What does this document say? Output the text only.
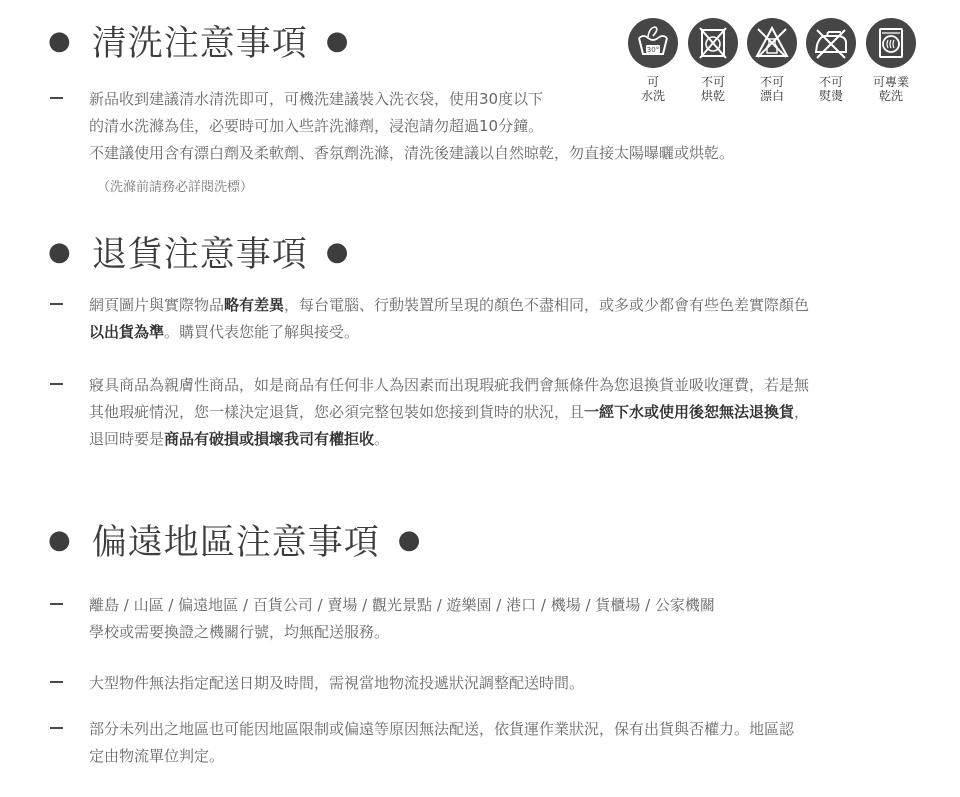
● 清洗注意事項 ●
● 退貨注意事項 ●
● 偏遠地區注意事項 ●
新品收到建議清水清洗即可，可機洗建議裝入洗衣袋，使用30度以下
的清水洗滌為佳，必要時可加入些許洗滌劑，浸泡請勿超過10分鐘。
不建議使用含有漂白劑及柔軟劑、香氛劑洗滌，清洗後建議以自然晾乾，勿直接太陽曝曬或烘乾。
（洗滌前請務必詳閱洗標）
網頁圖片與實際物品略有差異，每台電腦、行動裝置所呈現的顏色不盡相同，或多或少都會有些色差實際顏色
以出貨為準。購買代表您能了解與接受。
寢具商品為親膚性商品，如是商品有任何非人為因素而出現瑕疵我們會無條件為您退換貨並吸收運費，若是無
其他瑕疵情況，您一樣決定退貨，您必須完整包裝如您接到貨時的狀況，且一經下水或使用後恕無法退換貨，
退回時要是商品有破損或損壞我司有權拒收。
離島 / 山區 / 偏遠地區 / 百貨公司 / 賣場 / 觀光景點 / 遊樂園 / 港口 / 機場 / 貨櫃場 / 公家機關
學校或需要換證之機關行號，均無配送服務。
大型物件無法指定配送日期及時間，需視當地物流投遞狀況調整配送時間。
部分未列出之地區也可能因地區限制或偏遠等原因無法配送，依貨運作業狀況，保有出貨與否權力。地區認
定由物流單位判定。
30°
可
水洗
不可
烘乾
不可
漂白
不可
熨燙
可專業
乾洗
